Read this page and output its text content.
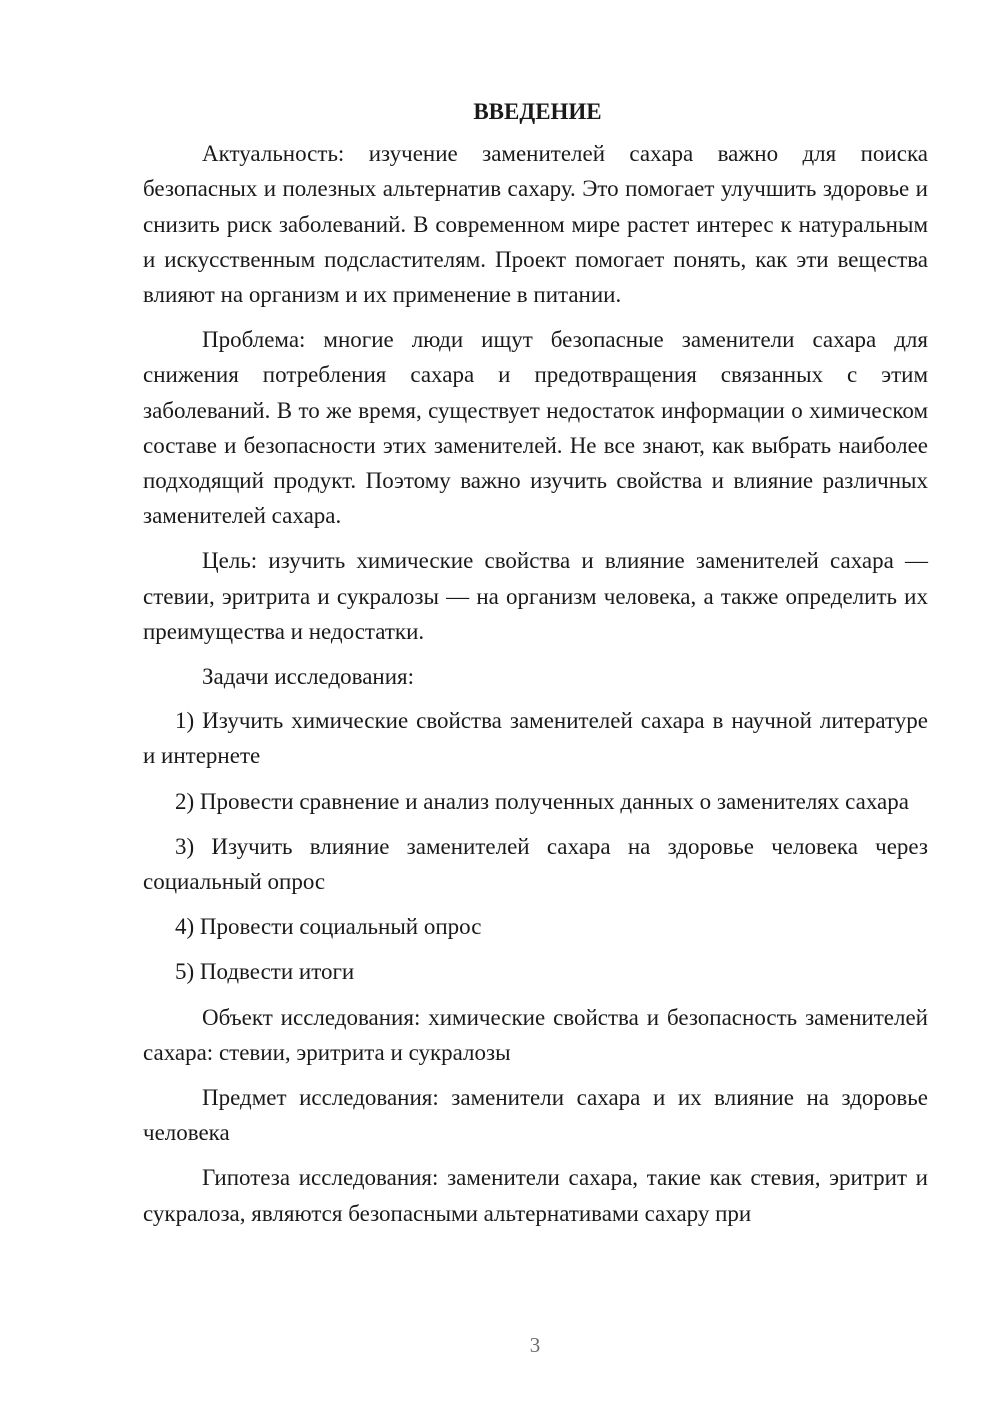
ВВЕДЕНИЕ

Актуальность: изучение заменителей сахара важно для поиска безопасных и полезных альтернатив сахару. Это помогает улучшить здоровье и снизить риск заболеваний. В современном мире растет интерес к натуральным и искусственным подсластителям. Проект помогает понять, как эти вещества влияют на организм и их применение в питании.

Проблема: многие люди ищут безопасные заменители сахара для снижения потребления сахара и предотвращения связанных с этим заболеваний. В то же время, существует недостаток информации о химическом составе и безопасности этих заменителей. Не все знают, как выбрать наиболее подходящий продукт. Поэтому важно изучить свойства и влияние различных заменителей сахара.

Цель: изучить химические свойства и влияние заменителей сахара — стевии, эритрита и сукралозы — на организм человека, а также определить их преимущества и недостатки.

Задачи исследования:

1) Изучить химические свойства заменителей сахара в научной литературе и интернете

2) Провести сравнение и анализ полученных данных о заменителях сахара

3) Изучить влияние заменителей сахара на здоровье человека через социальный опрос

4) Провести социальный опрос

5) Подвести итоги

Объект исследования: химические свойства и безопасность заменителей сахара: стевии, эритрита и сукралозы

Предмет исследования: заменители сахара и их влияние на здоровье человека

Гипотеза исследования: заменители сахара, такие как стевия, эритрит и сукралоза, являются безопасными альтернативами сахару при

3
